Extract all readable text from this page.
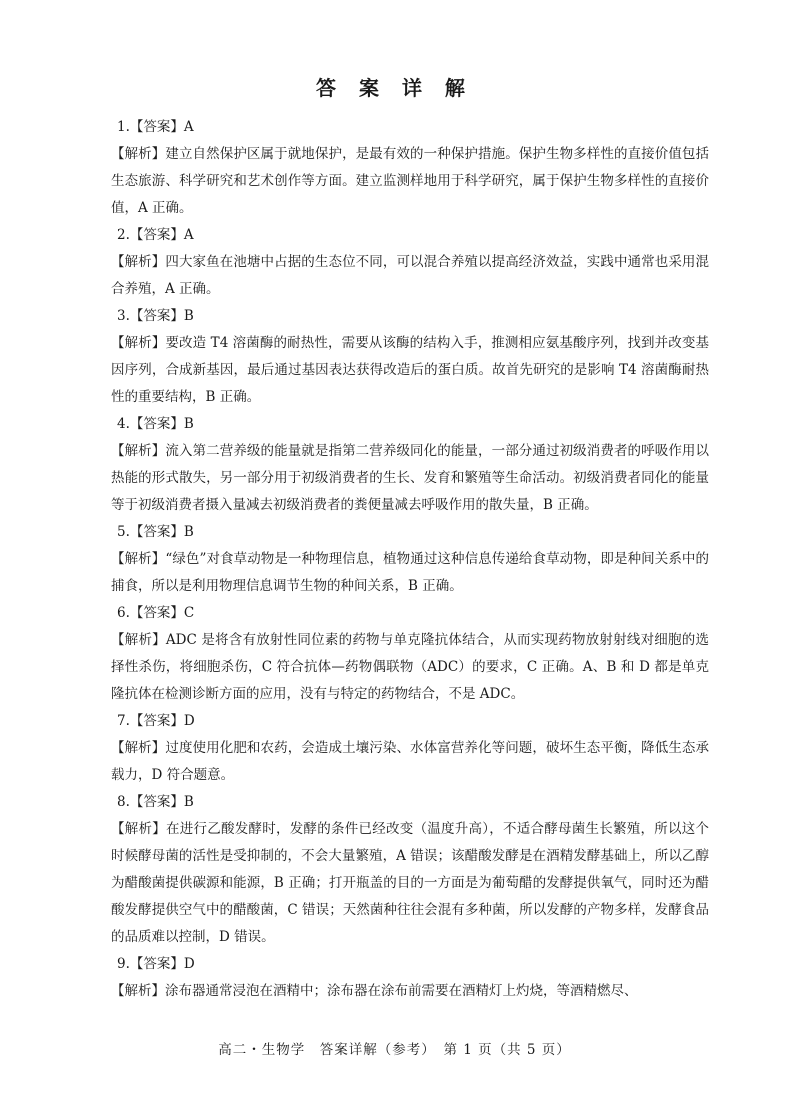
答 案 详 解
1.【答案】A
【解析】建立自然保护区属于就地保护，是最有效的一种保护措施。保护生物多样性的直接价值包括生态旅游、科学研究和艺术创作等方面。建立监测样地用于科学研究，属于保护生物多样性的直接价值，A 正确。
2.【答案】A
【解析】四大家鱼在池塘中占据的生态位不同，可以混合养殖以提高经济效益，实践中通常也采用混合养殖，A 正确。
3.【答案】B
【解析】要改造 T4 溶菌酶的耐热性，需要从该酶的结构入手，推测相应氨基酸序列，找到并改变基因序列，合成新基因，最后通过基因表达获得改造后的蛋白质。故首先研究的是影响 T4 溶菌酶耐热性的重要结构，B 正确。
4.【答案】B
【解析】流入第二营养级的能量就是指第二营养级同化的能量，一部分通过初级消费者的呼吸作用以热能的形式散失，另一部分用于初级消费者的生长、发育和繁殖等生命活动。初级消费者同化的能量等于初级消费者摄入量减去初级消费者的粪便量减去呼吸作用的散失量，B 正确。
5.【答案】B
【解析】“绿色”对食草动物是一种物理信息，植物通过这种信息传递给食草动物，即是种间关系中的捕食，所以是利用物理信息调节生物的种间关系，B 正确。
6.【答案】C
【解析】ADC 是将含有放射性同位素的药物与单克隆抗体结合，从而实现药物放射射线对细胞的选择性杀伤，将细胞杀伤，C 符合抗体—药物偶联物（ADC）的要求，C 正确。A、B 和 D 都是单克隆抗体在检测诊断方面的应用，没有与特定的药物结合，不是 ADC。
7.【答案】D
【解析】过度使用化肥和农药，会造成土壤污染、水体富营养化等问题，破坏生态平衡，降低生态承载力，D 符合题意。
8.【答案】B
【解析】在进行乙酸发酵时，发酵的条件已经改变（温度升高），不适合酵母菌生长繁殖，所以这个时候酵母菌的活性是受抑制的，不会大量繁殖，A 错误；该醋酸发酵是在酒精发酵基础上，所以乙醇为醋酸菌提供碳源和能源，B 正确；打开瓶盖的目的一方面是为葡萄醋的发酵提供氧气，同时还为醋酸发酵提供空气中的醋酸菌，C 错误；天然菌种往往会混有多种菌，所以发酵的产物多样，发酵食品的品质难以控制，D 错误。
9.【答案】D
【解析】涂布器通常浸泡在酒精中；涂布器在涂布前需要在酒精灯上灼烧，等酒精燃尽、
高二・生物学　答案详解（参考）　第 1 页（共 5 页）
